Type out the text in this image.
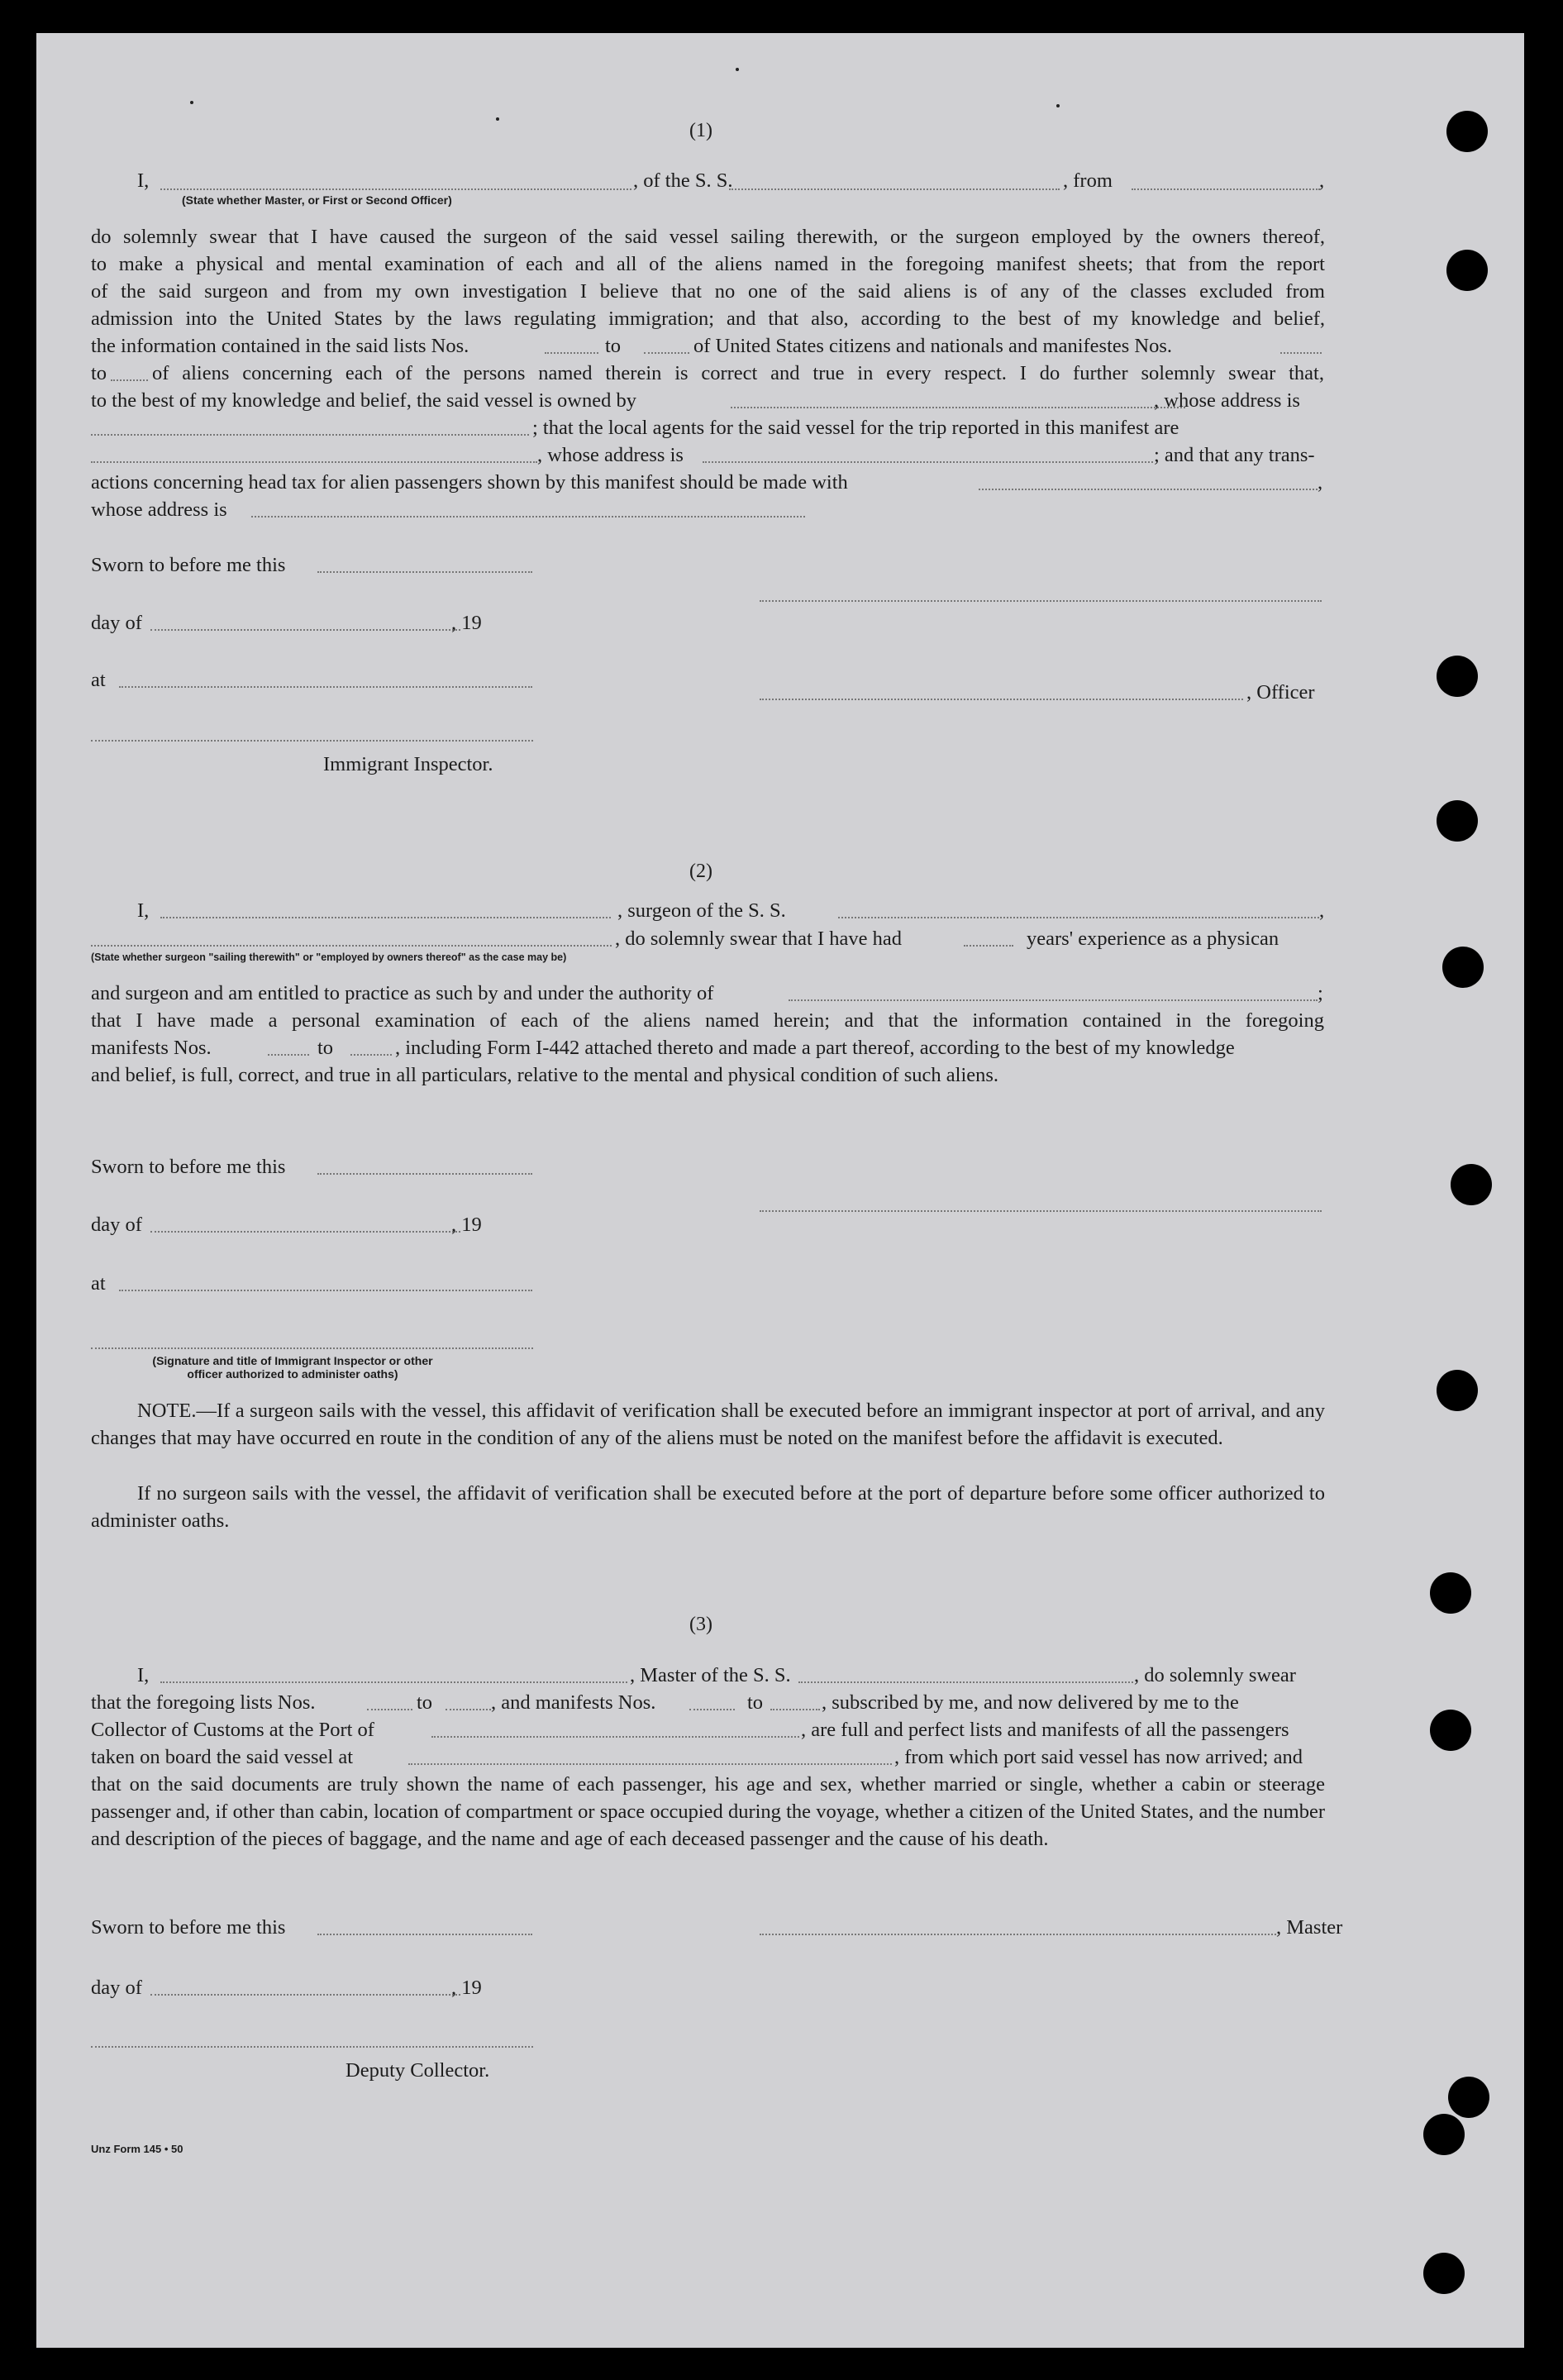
(1)
I,	, of the S. S.	, from	,
(State whether Master, or First or Second Officer)
do solemnly swear that I have caused the surgeon of the said vessel sailing therewith, or the surgeon employed by the owners thereof,
to make a physical and mental examination of each and all of the aliens named in the foregoing manifest sheets; that from the report
of the said surgeon and from my own investigation I believe that no one of the said aliens is of any of the classes excluded from
admission into the United States by the laws regulating immigration; and that also, according to the best of my knowledge and belief,
the information contained in the said lists Nos.	to	of United States citizens and nationals and manifestes Nos.
to of aliens concerning each of the persons named therein is correct and true in every respect. I do further solemnly swear that,
to the best of my knowledge and belief, the said vessel is owned by	, whose address is
; that the local agents for the said vessel for the trip reported in this manifest are
, whose address is	; and that any trans-
actions concerning head tax for alien passengers shown by this manifest should be made with	,
whose address is
Sworn to before me this
day of	, 19
at
, Officer
Immigrant Inspector.
(2)
I,	, surgeon of the S. S.	,
, do solemnly swear that I have had	years' experience as a physican
(State whether surgeon "sailing therewith" or "employed by owners thereof" as the case may be)
and surgeon and am entitled to practice as such by and under the authority of	;
that I have made a personal examination of each of the aliens named herein; and that the information contained in the foregoing
manifests Nos.	to	, including Form I-442 attached thereto and made a part thereof, according to the best of my knowledge
and belief, is full, correct, and true in all particulars, relative to the mental and physical condition of such aliens.
Sworn to before me this
day of	, 19
at
(Signature and title of Immigrant Inspector or other
officer authorized to administer oaths)
NOTE.—If a surgeon sails with the vessel, this affidavit of verification shall be executed before an immigrant inspector at port of arrival, and any changes that may have occurred en route in the condition of any of the aliens must be noted on the manifest before the affidavit is executed.
If no surgeon sails with the vessel, the affidavit of verification shall be executed before at the port of departure before some officer authorized to administer oaths.
(3)
I,	, Master of the S. S.	, do solemnly swear
that the foregoing lists Nos.	to	, and manifests Nos.	to	, subscribed by me, and now delivered by me to the
Collector of Customs at the Port of	, are full and perfect lists and manifests of all the passengers
taken on board the said vessel at	, from which port said vessel has now arrived; and
that on the said documents are truly shown the name of each passenger, his age and sex, whether married or single, whether a cabin or steerage passenger and, if other than cabin, location of compartment or space occupied during the voyage, whether a citizen of the United States, and the number and description of the pieces of baggage, and the name and age of each deceased passenger and the cause of his death.
Sworn to before me this	, Master
day of	, 19
Deputy Collector.
Unz Form 145 • 50
